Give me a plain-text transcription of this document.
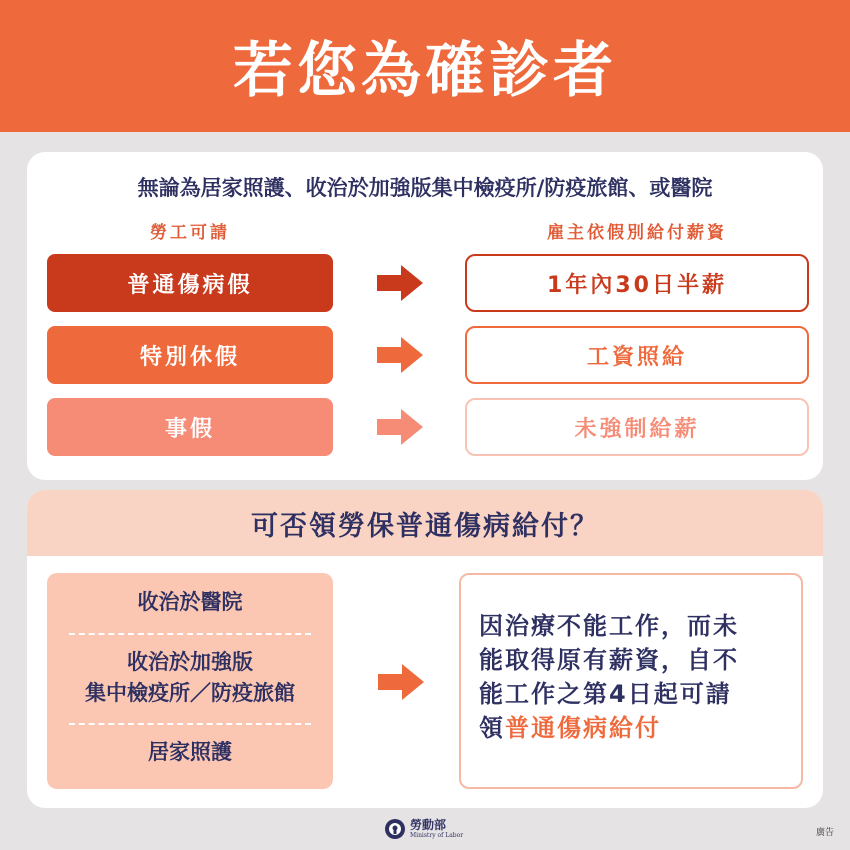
若您為確診者
無論為居家照護、收治於加強版集中檢疫所/防疫旅館、或醫院
勞工可請	雇主依假別給付薪資
普通傷病假	1年內30日半薪
特別休假	工資照給
事假	未強制給薪
可否領勞保普通傷病給付？
收治於醫院
收治於加強版
集中檢疫所／防疫旅館
居家照護
因治療不能工作，而未
能取得原有薪資，自不
能工作之第4日起可請
領普通傷病給付
勞動部
Ministry of Labor	廣告
